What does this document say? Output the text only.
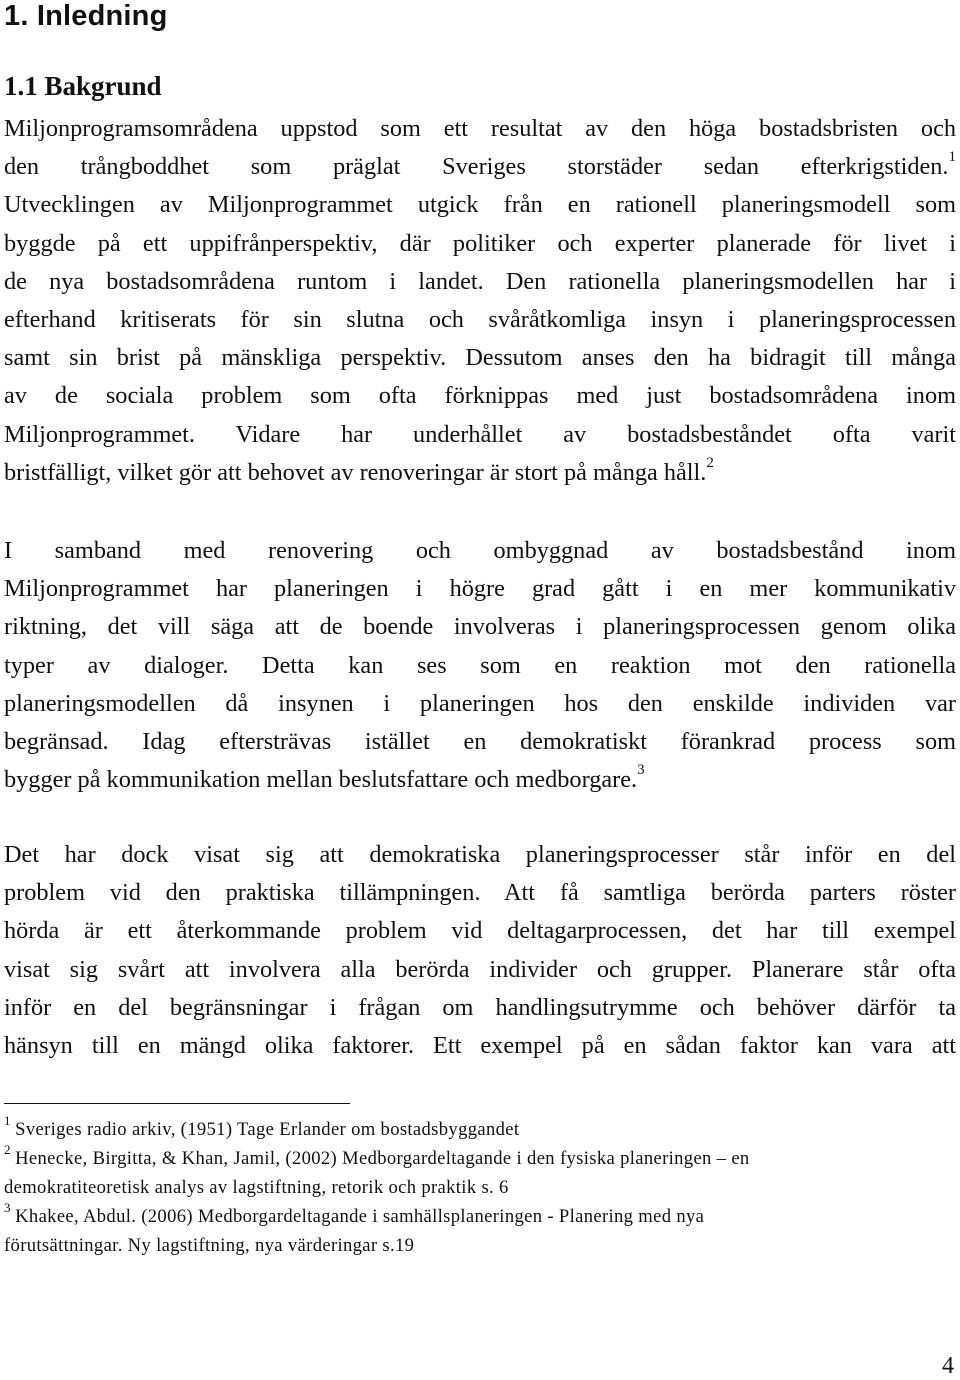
1. Inledning
1.1 Bakgrund
Miljonprogramsområdena uppstod som ett resultat av den höga bostadsbristen och
den trångboddhet som präglat Sveriges storstäder sedan efterkrigstiden.$^1$
Utvecklingen av Miljonprogrammet utgick från en rationell planeringsmodell som
byggde på ett uppifrånperspektiv, där politiker och experter planerade för livet i
de nya bostadsområdena runtom i landet. Den rationella planeringsmodellen har i
efterhand kritiserats för sin slutna och svåråtkomliga insyn i planeringsprocessen
samt sin brist på mänskliga perspektiv. Dessutom anses den ha bidragit till många
av de sociala problem som ofta förknippas med just bostadsområdena inom
Miljonprogrammet. Vidare har underhållet av bostadsbeståndet ofta varit
bristfälligt, vilket gör att behovet av renoveringar är stort på många håll.$^2$
I samband med renovering och ombyggnad av bostadsbestånd inom
Miljonprogrammet har planeringen i högre grad gått i en mer kommunikativ
riktning, det vill säga att de boende involveras i planeringsprocessen genom olika
typer av dialoger. Detta kan ses som en reaktion mot den rationella
planeringsmodellen då insynen i planeringen hos den enskilde individen var
begränsad. Idag eftersträvas istället en demokratiskt förankrad process som
bygger på kommunikation mellan beslutsfattare och medborgare.$^3$
Det har dock visat sig att demokratiska planeringsprocesser står inför en del
problem vid den praktiska tillämpningen. Att få samtliga berörda parters röster
hörda är ett återkommande problem vid deltagarprocessen, det har till exempel
visat sig svårt att involvera alla berörda individer och grupper. Planerare står ofta
inför en del begränsningar i frågan om handlingsutrymme och behöver därför ta
hänsyn till en mängd olika faktorer. Ett exempel på en sådan faktor kan vara att
$^1$ Sveriges radio arkiv, (1951) Tage Erlander om bostadsbyggandet
$^2$ Henecke, Birgitta, & Khan, Jamil, (2002) Medborgardeltagande i den fysiska planeringen – en
demokratiteoretisk analys av lagstiftning, retorik och praktik s. 6
$^3$ Khakee, Abdul. (2006) Medborgardeltagande i samhällsplaneringen - Planering med nya
förutsättningar. Ny lagstiftning, nya värderingar s.19
4
